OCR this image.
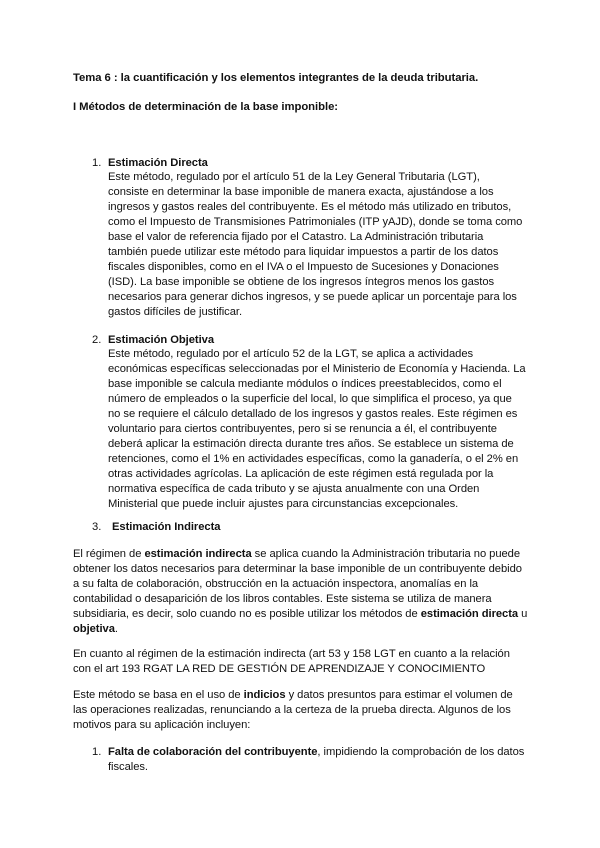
Tema 6 : la cuantificación y los elementos integrantes de la deuda tributaria.
I Métodos de determinación de la base imponible:
1. Estimación Directa
Este método, regulado por el artículo 51 de la Ley General Tributaria (LGT),
consiste en determinar la base imponible de manera exacta, ajustándose a los
ingresos y gastos reales del contribuyente. Es el método más utilizado en tributos,
como el Impuesto de Transmisiones Patrimoniales (ITP yAJD), donde se toma como
base el valor de referencia fijado por el Catastro. La Administración tributaria
también puede utilizar este método para liquidar impuestos a partir de los datos
fiscales disponibles, como en el IVA o el Impuesto de Sucesiones y Donaciones
(ISD). La base imponible se obtiene de los ingresos íntegros menos los gastos
necesarios para generar dichos ingresos, y se puede aplicar un porcentaje para los
gastos difíciles de justificar.
2. Estimación Objetiva
Este método, regulado por el artículo 52 de la LGT, se aplica a actividades
económicas específicas seleccionadas por el Ministerio de Economía y Hacienda. La
base imponible se calcula mediante módulos o índices preestablecidos, como el
número de empleados o la superficie del local, lo que simplifica el proceso, ya que
no se requiere el cálculo detallado de los ingresos y gastos reales. Este régimen es
voluntario para ciertos contribuyentes, pero si se renuncia a él, el contribuyente
deberá aplicar la estimación directa durante tres años. Se establece un sistema de
retenciones, como el 1% en actividades específicas, como la ganadería, o el 2% en
otras actividades agrícolas. La aplicación de este régimen está regulada por la
normativa específica de cada tributo y se ajusta anualmente con una Orden
Ministerial que puede incluir ajustes para circunstancias excepcionales.
3. Estimación Indirecta
El régimen de estimación indirecta se aplica cuando la Administración tributaria no puede
obtener los datos necesarios para determinar la base imponible de un contribuyente debido
a su falta de colaboración, obstrucción en la actuación inspectora, anomalías en la
contabilidad o desaparición de los libros contables. Este sistema se utiliza de manera
subsidiaria, es decir, solo cuando no es posible utilizar los métodos de estimación directa u
objetiva.
En cuanto al régimen de la estimación indirecta (art 53 y 158 LGT en cuanto a la relación
con el art 193 RGAT LA RED DE GESTIÓN DE APRENDIZAJE Y CONOCIMIENTO
Este método se basa en el uso de indicios y datos presuntos para estimar el volumen de
las operaciones realizadas, renunciando a la certeza de la prueba directa. Algunos de los
motivos para su aplicación incluyen:
1. Falta de colaboración del contribuyente, impidiendo la comprobación de los datos
fiscales.
